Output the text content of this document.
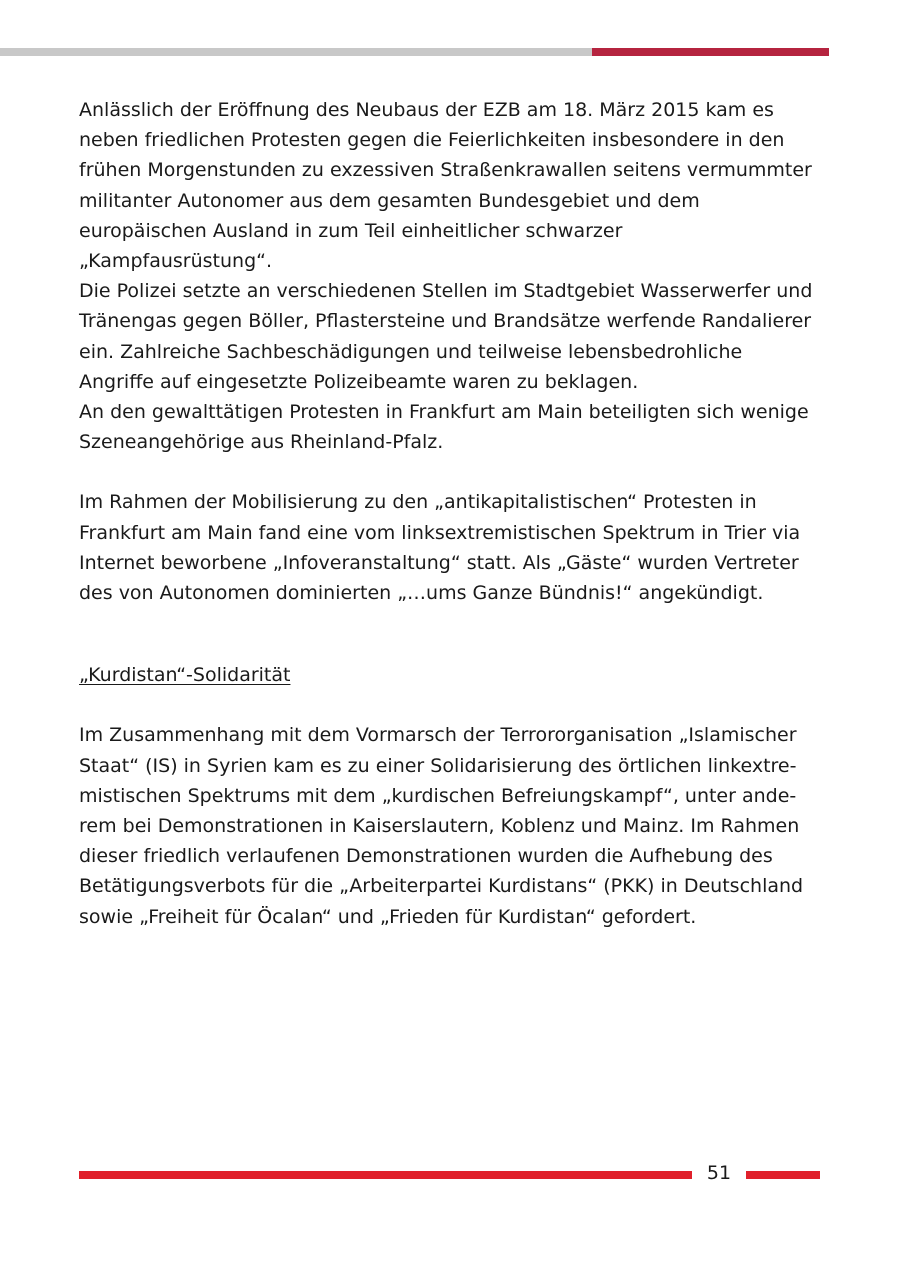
Anlässlich der Eröffnung des Neubaus der EZB am 18. März 2015 kam es neben friedlichen Protesten gegen die Feierlichkeiten insbesondere in den frühen Morgenstunden zu exzessiven Straßenkrawallen seitens vermummter militanter Autonomer aus dem gesamten Bundesgebiet und dem europäischen Ausland in zum Teil einheitlicher schwarzer „Kampfausrüstung“.

Die Polizei setzte an verschiedenen Stellen im Stadtgebiet Wasserwerfer und Tränengas gegen Böller, Pflastersteine und Brandsätze werfende Randalierer ein. Zahlreiche Sachbeschädigungen und teilweise lebensbedrohliche Angriffe auf eingesetzte Polizeibeamte waren zu beklagen.

An den gewalttätigen Protesten in Frankfurt am Main beteiligten sich wenige Szeneangehörige aus Rheinland-Pfalz.

Im Rahmen der Mobilisierung zu den „antikapitalistischen“ Protesten in Frankfurt am Main fand eine vom linksextremistischen Spektrum in Trier via Internet beworbene „Infoveranstaltung“ statt. Als „Gäste“ wurden Vertreter des von Autonomen dominierten „…ums Ganze Bündnis!“ angekündigt.

„Kurdistan“-Solidarität

Im Zusammenhang mit dem Vormarsch der Terrororganisation „Islamischer Staat“ (IS) in Syrien kam es zu einer Solidarisierung des örtlichen linkextremistischen Spektrums mit dem „kurdischen Befreiungskampf“, unter anderem bei Demonstrationen in Kaiserslautern, Koblenz und Mainz. Im Rahmen dieser friedlich verlaufenen Demonstrationen wurden die Aufhebung des Betätigungsverbots für die „Arbeiterpartei Kurdistans“ (PKK) in Deutschland sowie „Freiheit für Öcalan“ und „Frieden für Kurdistan“ gefordert.

51
